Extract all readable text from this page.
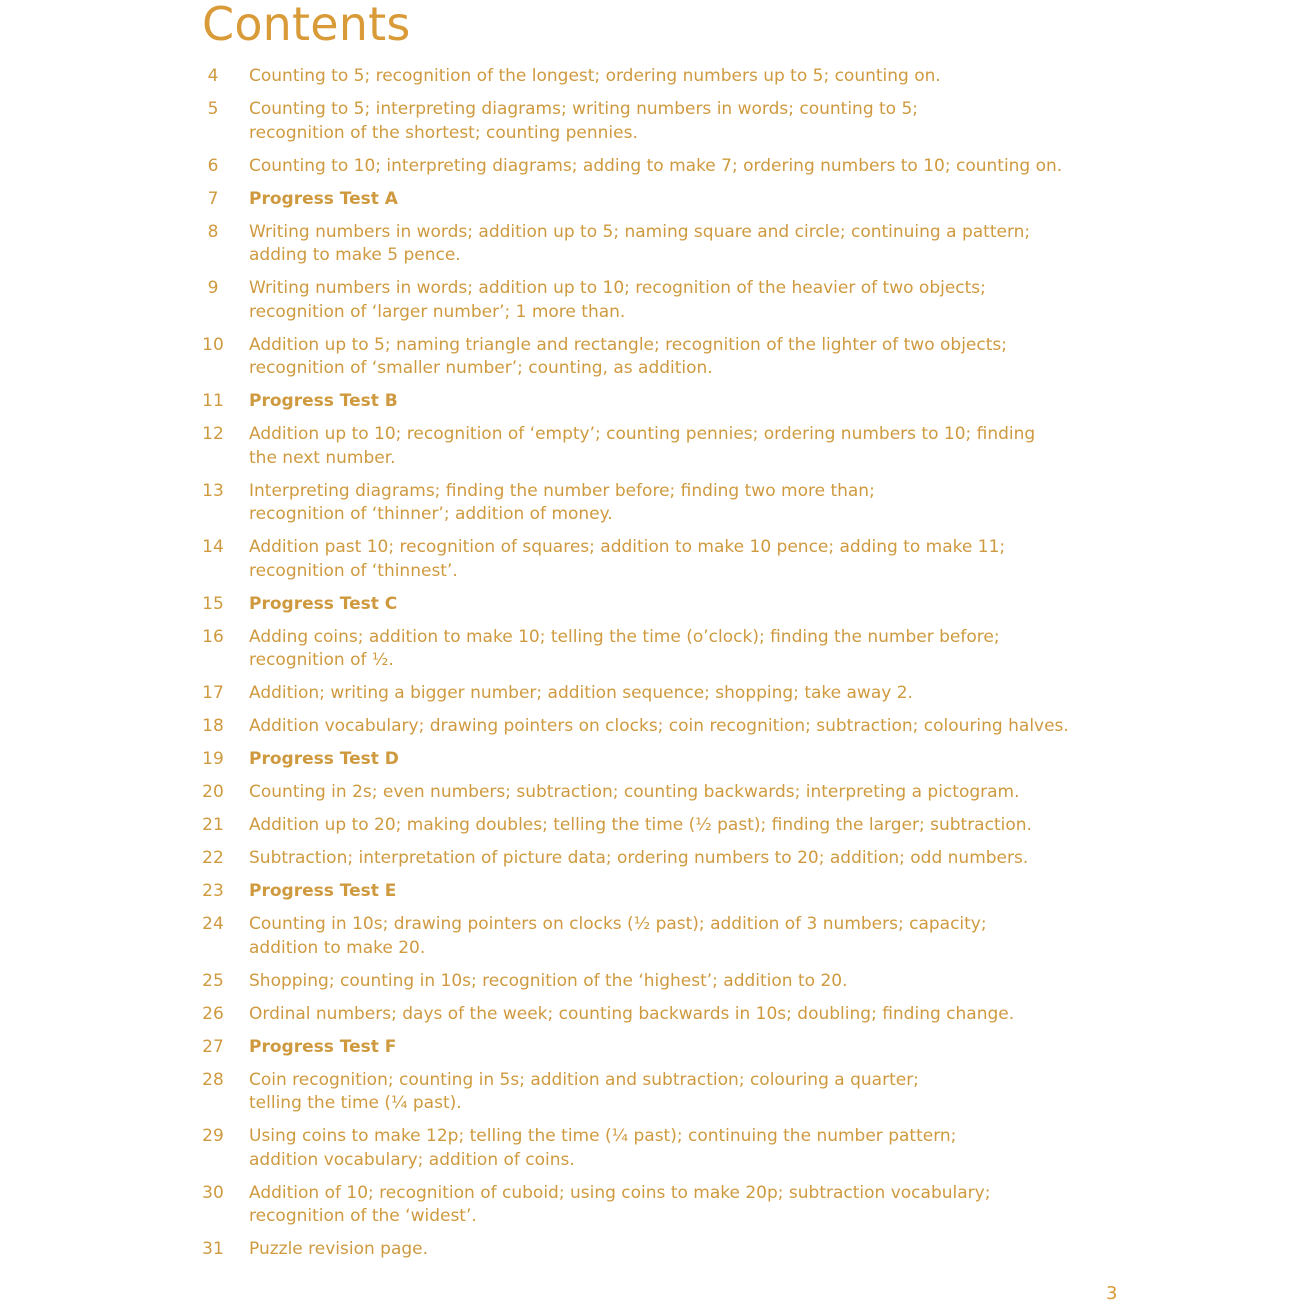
Contents
4	Counting to 5; recognition of the longest; ordering numbers up to 5; counting on.
5	Counting to 5; interpreting diagrams; writing numbers in words; counting to 5;
recognition of the shortest; counting pennies.
6	Counting to 10; interpreting diagrams; adding to make 7; ordering numbers to 10; counting on.
7	Progress Test A
8	Writing numbers in words; addition up to 5; naming square and circle; continuing a pattern;
adding to make 5 pence.
9	Writing numbers in words; addition up to 10; recognition of the heavier of two objects;
recognition of ‘larger number’; 1 more than.
10	Addition up to 5; naming triangle and rectangle; recognition of the lighter of two objects;
recognition of ‘smaller number’; counting, as addition.
11	Progress Test B
12	Addition up to 10; recognition of ‘empty’; counting pennies; ordering numbers to 10; finding
the next number.
13	Interpreting diagrams; finding the number before; finding two more than;
recognition of ‘thinner’; addition of money.
14	Addition past 10; recognition of squares; addition to make 10 pence; adding to make 11;
recognition of ‘thinnest’.
15	Progress Test C
16	Adding coins; addition to make 10; telling the time (o’clock); finding the number before;
recognition of ½.
17	Addition; writing a bigger number; addition sequence; shopping; take away 2.
18	Addition vocabulary; drawing pointers on clocks; coin recognition; subtraction; colouring halves.
19	Progress Test D
20	Counting in 2s; even numbers; subtraction; counting backwards; interpreting a pictogram.
21	Addition up to 20; making doubles; telling the time (½ past); finding the larger; subtraction.
22	Subtraction; interpretation of picture data; ordering numbers to 20; addition; odd numbers.
23	Progress Test E
24	Counting in 10s; drawing pointers on clocks (½ past); addition of 3 numbers; capacity;
addition to make 20.
25	Shopping; counting in 10s; recognition of the ‘highest’; addition to 20.
26	Ordinal numbers; days of the week; counting backwards in 10s; doubling; finding change.
27	Progress Test F
28	Coin recognition; counting in 5s; addition and subtraction; colouring a quarter;
telling the time (¼ past).
29	Using coins to make 12p; telling the time (¼ past); continuing the number pattern;
addition vocabulary; addition of coins.
30	Addition of 10; recognition of cuboid; using coins to make 20p; subtraction vocabulary;
recognition of the ‘widest’.
31	Puzzle revision page.
3
